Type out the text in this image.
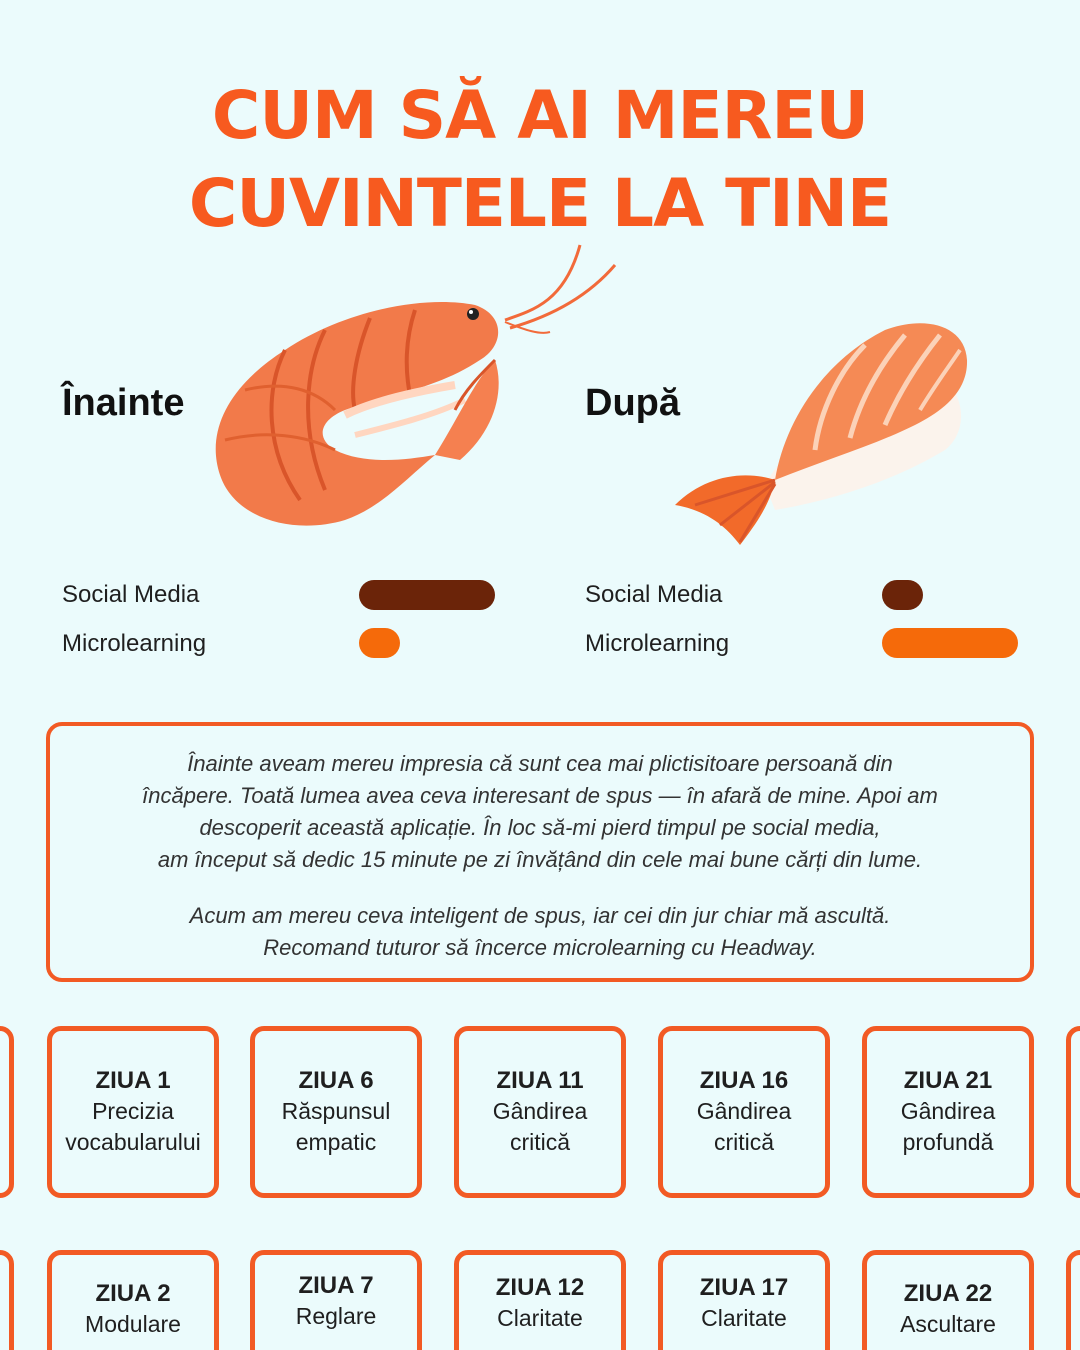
CUM SĂ AI MEREU
CUVINTELE LA TINE
Înainte
Social Media
Microlearning
După
Social Media
Microlearning

Înainte aveam mereu impresia că sunt cea mai plictisitoare persoană din
încăpere. Toată lumea avea ceva interesant de spus — în afară de mine. Apoi am
descoperit această aplicație. În loc să-mi pierd timpul pe social media,
am început să dedic 15 minute pe zi învățând din cele mai bune cărți din lume.

Acum am mereu ceva inteligent de spus, iar cei din jur chiar mă ascultă.
Recomand tuturor să încerce microlearning cu Headway.

ZIUA 1
Precizia
vocabularului
ZIUA 6
Răspunsul
empatic
ZIUA 11
Gândirea
critică
ZIUA 16
Gândirea
critică
ZIUA 21
Gândirea
profundă
ZIUA 2
Modulare
ZIUA 7
Reglare
ZIUA 12
Claritate
ZIUA 17
Claritate
ZIUA 22
Ascultare
